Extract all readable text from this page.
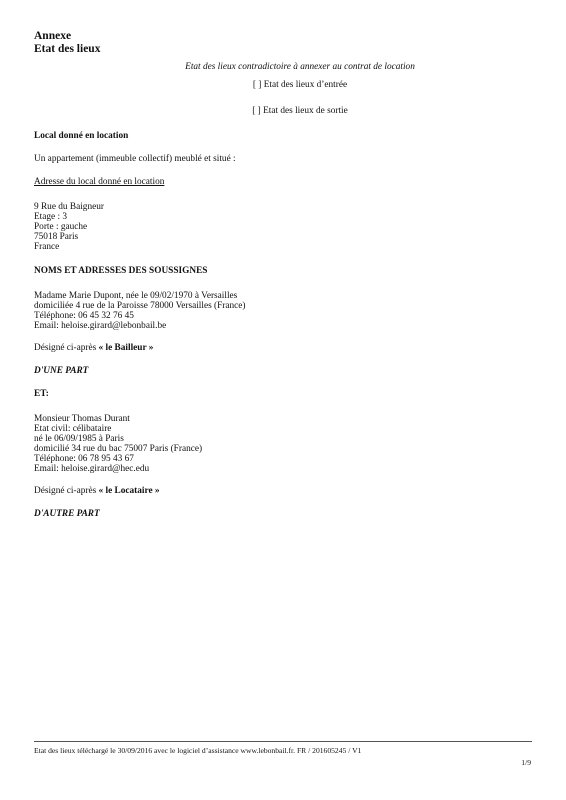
Annexe
Etat des lieux
Etat des lieux contradictoire à annexer au contrat de location
[ ] Etat des lieux d’entrée
[ ] Etat des lieux de sortie
Local donné en location
Un appartement (immeuble collectif) meublé et situé :
Adresse du local donné en location
9 Rue du Baigneur
Etage : 3
Porte : gauche
75018 Paris
France
NOMS ET ADRESSES DES SOUSSIGNES
Madame Marie Dupont, née le 09/02/1970 à Versailles
domiciliée 4 rue de la Paroisse 78000 Versailles (France)
Téléphone: 06 45 32 76 45
Email: heloise.girard@lebonbail.be
Désigné ci-après « le Bailleur »
D'UNE PART
ET:
Monsieur Thomas Durant
Etat civil: célibataire
né le 06/09/1985 à Paris
domicilié 34 rue du bac 75007 Paris (France)
Téléphone: 06 78 95 43 67
Email: heloise.girard@hec.edu
Désigné ci-après « le Locataire »
D'AUTRE PART
Etat des lieux téléchargé le 30/09/2016 avec le logiciel d’assistance www.lebonbail.fr. FR / 201605245 / V1
1/9
